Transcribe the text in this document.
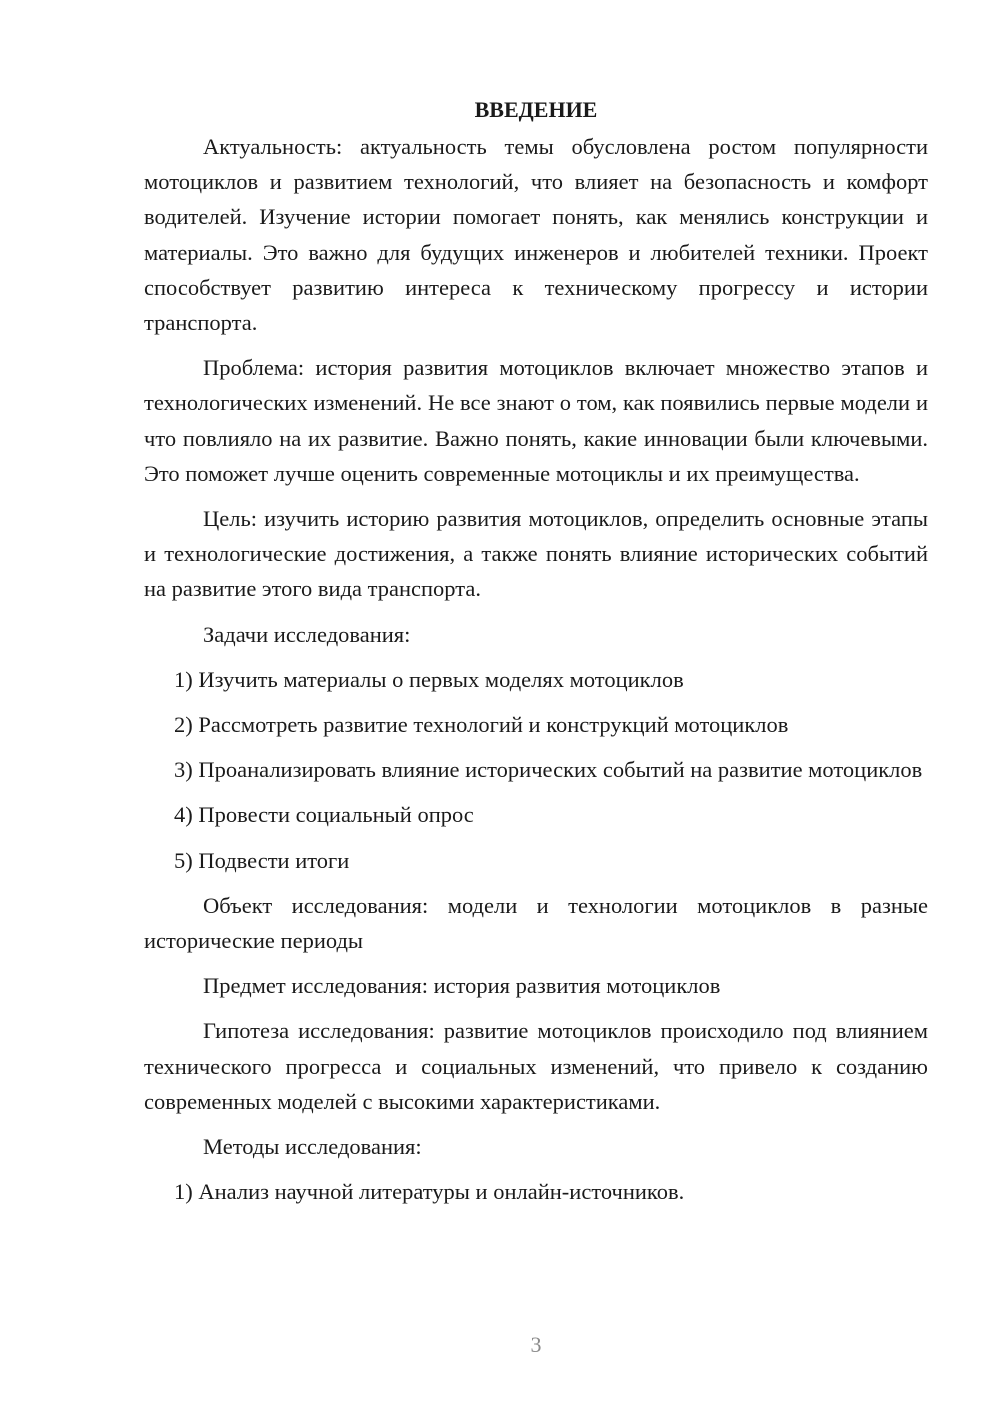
ВВЕДЕНИЕ
Актуальность: актуальность темы обусловлена ростом популярности мотоциклов и развитием технологий, что влияет на безопасность и комфорт водителей. Изучение истории помогает понять, как менялись конструкции и материалы. Это важно для будущих инженеров и любителей техники. Проект способствует развитию интереса к техническому прогрессу и истории транспорта.
Проблема: история развития мотоциклов включает множество этапов и технологических изменений. Не все знают о том, как появились первые модели и что повлияло на их развитие. Важно понять, какие инновации были ключевыми. Это поможет лучше оценить современные мотоциклы и их преимущества.
Цель: изучить историю развития мотоциклов, определить основные этапы и технологические достижения, а также понять влияние исторических событий на развитие этого вида транспорта.
Задачи исследования:
1) Изучить материалы о первых моделях мотоциклов
2) Рассмотреть развитие технологий и конструкций мотоциклов
3) Проанализировать влияние исторических событий на развитие мотоциклов
4) Провести социальный опрос
5) Подвести итоги
Объект исследования: модели и технологии мотоциклов в разные исторические периоды
Предмет исследования: история развития мотоциклов
Гипотеза исследования: развитие мотоциклов происходило под влиянием технического прогресса и социальных изменений, что привело к созданию современных моделей с высокими характеристиками.
Методы исследования:
1) Анализ научной литературы и онлайн-источников.
3
